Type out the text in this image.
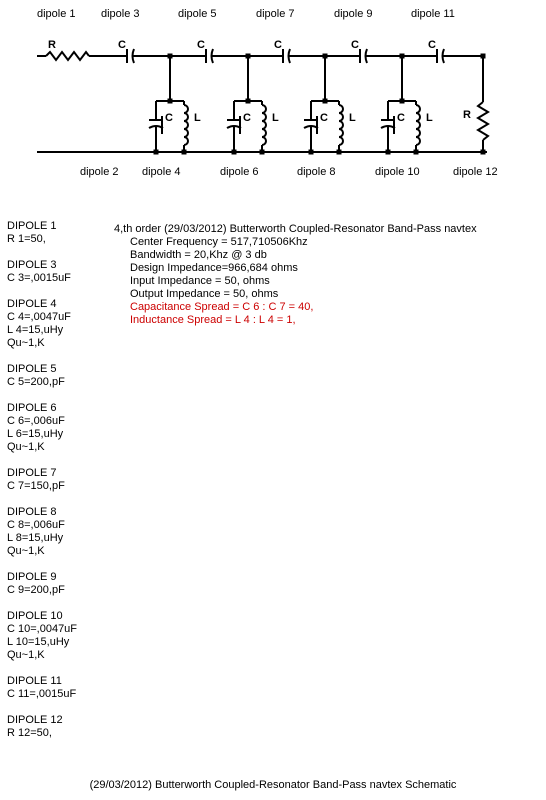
R	C	C	C	C	C
C L	C L	C L	C L	R
dipole 1 dipole 3	dipole 5	dipole 7	dipole 9	dipole 11
dipole 2 dipole 4	dipole 6	dipole 8	dipole 10	dipole 12
DIPOLE 1
R 1=50,
DIPOLE 3
C 3=,0015uF
DIPOLE 4
C 4=,0047uF
L 4=15,uHy
Qu~1,K
DIPOLE 5
C 5=200,pF
DIPOLE 6
C 6=,006uF
L 6=15,uHy
Qu~1,K
DIPOLE 7
C 7=150,pF
DIPOLE 8
C 8=,006uF
L 8=15,uHy
Qu~1,K
DIPOLE 9
C 9=200,pF
DIPOLE 10
C 10=,0047uF
L 10=15,uHy
Qu~1,K
DIPOLE 11
C 11=,0015uF
DIPOLE 12
R 12=50,
4,th order (29/03/2012) Butterworth Coupled-Resonator Band-Pass navtex
Center Frequency = 517,710506Khz
Bandwidth = 20,Khz @ 3 db
Design Impedance=966,684 ohms
Input Impedance = 50, ohms
Output Impedance = 50, ohms
Capacitance Spread = C 6 : C 7 = 40,
Inductance Spread = L 4 : L 4 = 1,
(29/03/2012) Butterworth Coupled-Resonator Band-Pass navtex Schematic
